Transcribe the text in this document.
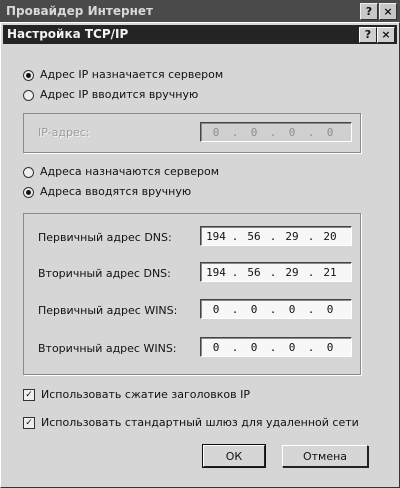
Провайдер Интернет	?	×
Настройка TCP/IP	? ×
Адрес IP назначается сервером
Адрес IP вводится вручную
IP-адрес:	0	.	0	.	0	.	0
Адреса назначаются сервером
Адреса вводятся вручную
Первичный адрес DNS:	194 . 56 . 29 . 20
Вторичный адрес DNS:	194 . 56 . 29 . 21
Первичный адрес WINS:	0	.	0	.	0	.	0
Вторичный адрес WINS:	0	.	0	.	0	.	0
✓ Использовать сжатие заголовков IP
✓ Использовать стандартный шлюз для удаленной сети
ОК	Отмена
